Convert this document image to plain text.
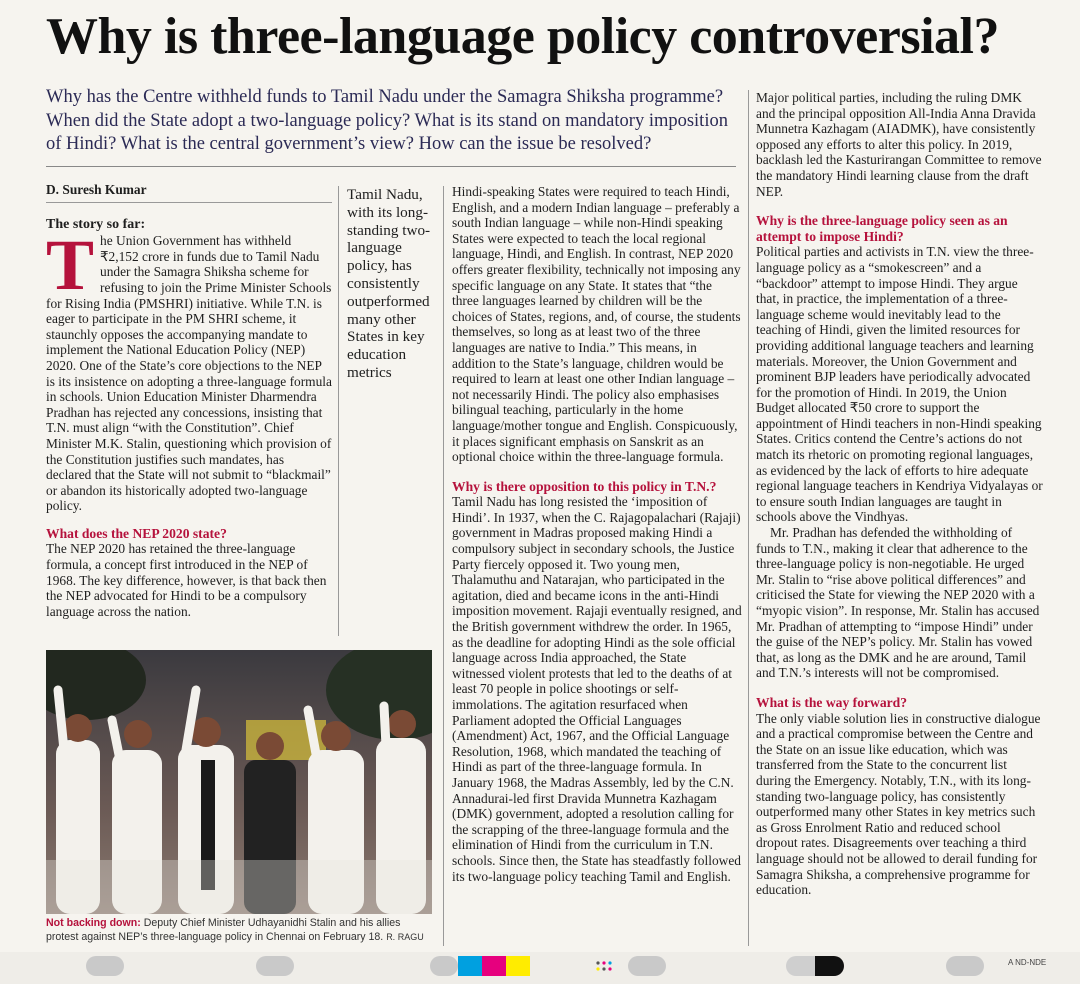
Why is three-language policy controversial?
Why has the Centre withheld funds to Tamil Nadu under the Samagra Shiksha programme? When did the State adopt a two-language policy? What is its stand on mandatory imposition of Hindi? What is the central government’s view? How can the issue be resolved?
D. Suresh Kumar
The story so far:

T he Union Government has withheld ₹2,152 crore in funds due to Tamil Nadu under the Samagra Shiksha scheme for refusing to join the Prime Minister Schools for Rising India (PMSHRI) initiative. While T.N. is eager to participate in the PM SHRI scheme, it staunchly opposes the accompanying mandate to implement the National Education Policy (NEP) 2020. One of the State’s core objections to the NEP is its insistence on adopting a three-language formula in schools. Union Education Minister Dharmendra Pradhan has rejected any concessions, insisting that T.N. must align “with the Constitution”. Chief Minister M.K. Stalin, questioning which provision of the Constitution justifies such mandates, has declared that the State will not submit to “blackmail” or abandon its historically adopted two-language policy.

What does the NEP 2020 state?

The NEP 2020 has retained the three-language formula, a concept first introduced in the NEP of 1968. The key difference, however, is that back then the NEP advocated for Hindi to be a compulsory language across the nation.

Tamil Nadu, with its long-standing two-language policy, has consistently outperformed many other States in key education metrics
Not backing down: Deputy Chief Minister Udhayanidhi Stalin and his allies protest against NEP’s three-language policy in Chennai on February 18. R. RAGU

Hindi-speaking States were required to teach Hindi, English, and a modern Indian language – preferably a south Indian language – while non-Hindi speaking States were expected to teach the local regional language, Hindi, and English. In contrast, NEP 2020 offers greater flexibility, technically not imposing any specific language on any State. It states that “the three languages learned by children will be the choices of States, regions, and, of course, the students themselves, so long as at least two of the three languages are native to India.” This means, in addition to the State’s language, children would be required to learn at least one other Indian language – not necessarily Hindi. The policy also emphasises bilingual teaching, particularly in the home language/mother tongue and English. Conspicuously, it places significant emphasis on Sanskrit as an optional choice within the three-language formula.

Why is there opposition to this policy in T.N.?

Tamil Nadu has long resisted the ‘imposition of Hindi’. In 1937, when the C. Rajagopalachari (Rajaji) government in Madras proposed making Hindi a compulsory subject in secondary schools, the Justice Party fiercely opposed it. Two young men, Thalamuthu and Natarajan, who participated in the agitation, died and became icons in the anti-Hindi imposition movement. Rajaji eventually resigned, and the British government withdrew the order. In 1965, as the deadline for adopting Hindi as the sole official language across India approached, the State witnessed violent protests that led to the deaths of at least 70 people in police shootings or self-immolations. The agitation resurfaced when Parliament adopted the Official Languages (Amendment) Act, 1967, and the Official Language Resolution, 1968, which mandated the teaching of Hindi as part of the three-language formula. In January 1968, the Madras Assembly, led by the C.N. Annadurai-led first Dravida Munnetra Kazhagam (DMK) government, adopted a resolution calling for the scrapping of the three-language formula and the elimination of Hindi from the curriculum in T.N. schools. Since then, the State has steadfastly followed its two-language policy teaching Tamil and English.

Major political parties, including the ruling DMK and the principal opposition All-India Anna Dravida Munnetra Kazhagam (AIADMK), have consistently opposed any efforts to alter this policy. In 2019, backlash led the Kasturirangan Committee to remove the mandatory Hindi learning clause from the draft NEP.

Why is the three-language policy seen as an attempt to impose Hindi?

Political parties and activists in T.N. view the three-language policy as a “smokescreen” and a “backdoor” attempt to impose Hindi. They argue that, in practice, the implementation of a three-language scheme would inevitably lead to the teaching of Hindi, given the limited resources for providing additional language teachers and learning materials. Moreover, the Union Government and prominent BJP leaders have periodically advocated for the promotion of Hindi. In 2019, the Union Budget allocated ₹50 crore to support the appointment of Hindi teachers in non-Hindi speaking States. Critics contend the Centre’s actions do not match its rhetoric on promoting regional languages, as evidenced by the lack of efforts to hire adequate regional language teachers in Kendriya Vidyalayas or to ensure south Indian languages are taught in schools above the Vindhyas.

Mr. Pradhan has defended the withholding of funds to T.N., making it clear that adherence to the three-language policy is non-negotiable. He urged Mr. Stalin to “rise above political differences” and criticised the State for viewing the NEP 2020 with a “myopic vision”. In response, Mr. Stalin has accused Mr. Pradhan of attempting to “impose Hindi” under the guise of the NEP’s policy. Mr. Stalin has vowed that, as long as the DMK and he are around, Tamil and T.N.’s interests will not be compromised.

What is the way forward?

The only viable solution lies in constructive dialogue and a practical compromise between the Centre and the State on an issue like education, which was transferred from the State to the concurrent list during the Emergency. Notably, T.N., with its long-standing two-language policy, has consistently outperformed many other States in key metrics such as Gross Enrolment Ratio and reduced school dropout rates. Disagreements over teaching a third language should not be allowed to derail funding for Samagra Shiksha, a comprehensive programme for education.

A ND-NDE
